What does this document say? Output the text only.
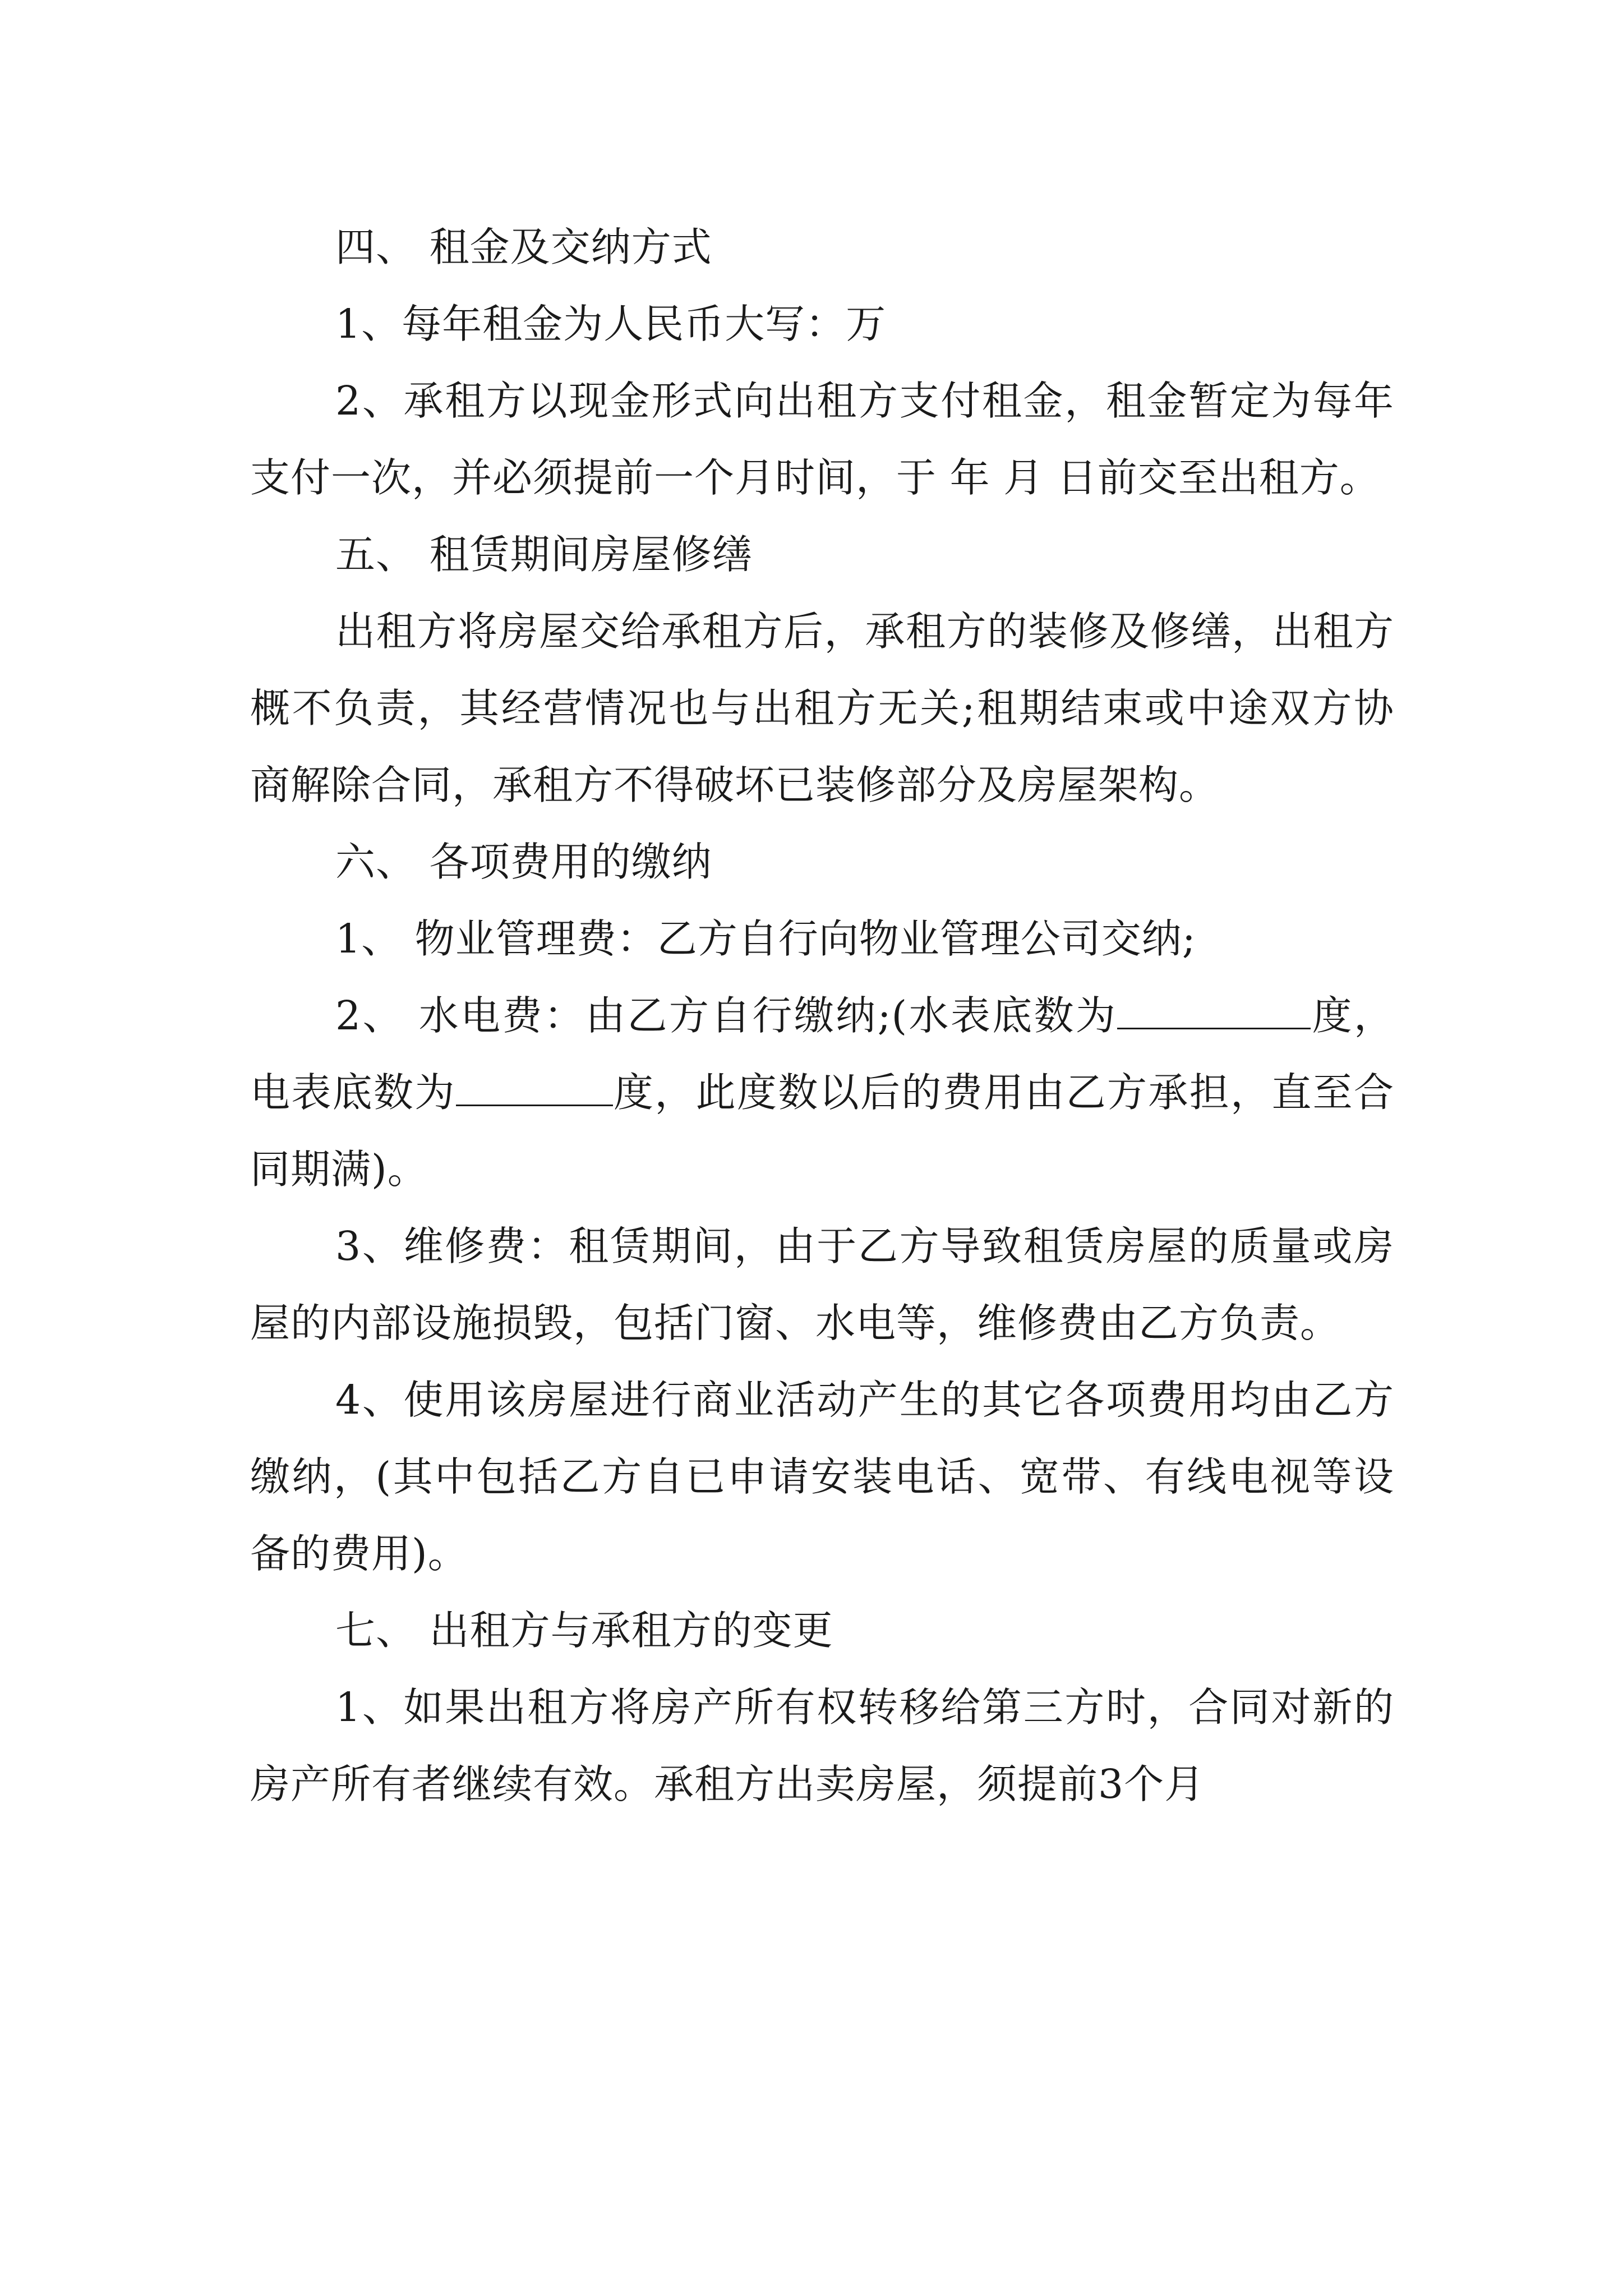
四、 租金及交纳方式

1、每年租金为人民币大写：万

2、承租方以现金形式向出租方支付租金，租金暂定为每年支付一次，并必须提前一个月时间，于 年 月 日前交至出租方。

五、 租赁期间房屋修缮

出租方将房屋交给承租方后，承租方的装修及修缮，出租方概不负责，其经营情况也与出租方无关;租期结束或中途双方协商解除合同，承租方不得破坏已装修部分及房屋架构。

六、 各项费用的缴纳

1、 物业管理费：乙方自行向物业管理公司交纳;

2、 水电费：由乙方自行缴纳;(水表底数为	度，电表底数为	度，此度数以后的费用由乙方承担，直至合同期满)。

3、维修费：租赁期间，由于乙方导致租赁房屋的质量或房屋的内部设施损毁，包括门窗、水电等，维修费由乙方负责。

4、使用该房屋进行商业活动产生的其它各项费用均由乙方缴纳，(其中包括乙方自已申请安装电话、宽带、有线电视等设备的费用)。

七、 出租方与承租方的变更

1、如果出租方将房产所有权转移给第三方时，合同对新的房产所有者继续有效。承租方出卖房屋，须提前3个月
